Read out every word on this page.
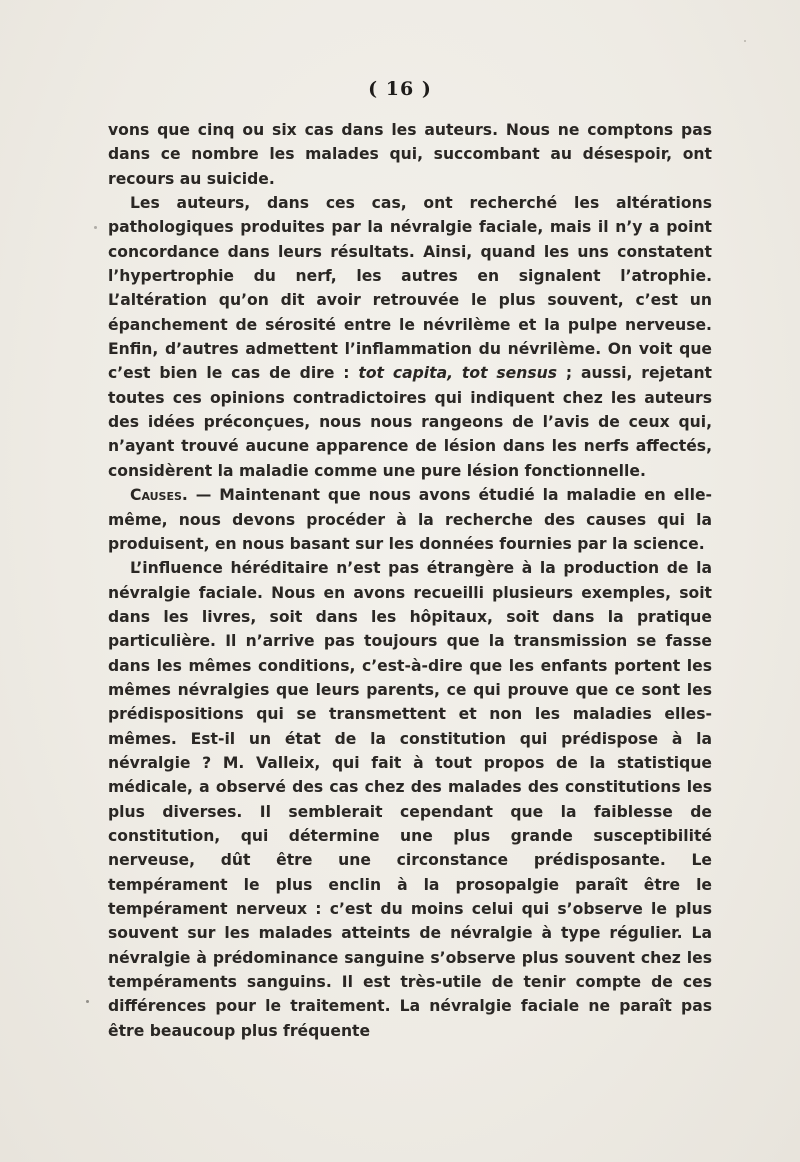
( 16 )

vons que cinq ou six cas dans les auteurs. Nous ne comptons pas dans ce nombre les malades qui, succombant au désespoir, ont recours au suicide.

Les auteurs, dans ces cas, ont recherché les altérations pathologiques produites par la névralgie faciale, mais il n’y a point concordance dans leurs résultats. Ainsi, quand les uns constatent l’hypertrophie du nerf, les autres en signalent l’atrophie. L’altération qu’on dit avoir retrouvée le plus souvent, c’est un épanchement de sérosité entre le névrilème et la pulpe nerveuse. Enfin, d’autres admettent l’inflammation du névrilème. On voit que c’est bien le cas de dire : tot capita, tot sensus ; aussi, rejetant toutes ces opinions contradictoires qui indiquent chez les auteurs des idées préconçues, nous nous rangeons de l’avis de ceux qui, n’ayant trouvé aucune apparence de lésion dans les nerfs affectés, considèrent la maladie comme une pure lésion fonctionnelle.

Causes. — Maintenant que nous avons étudié la maladie en elle-même, nous devons procéder à la recherche des causes qui la produisent, en nous basant sur les données fournies par la science.

L’influence héréditaire n’est pas étrangère à la production de la névralgie faciale. Nous en avons recueilli plusieurs exemples, soit dans les livres, soit dans les hôpitaux, soit dans la pratique particulière. Il n’arrive pas toujours que la transmission se fasse dans les mêmes conditions, c’est-à-dire que les enfants portent les mêmes névralgies que leurs parents, ce qui prouve que ce sont les prédispositions qui se transmettent et non les maladies elles-mêmes. Est-il un état de la constitution qui prédispose à la névralgie ? M. Valleix, qui fait à tout propos de la statistique médicale, a observé des cas chez des malades des constitutions les plus diverses. Il semblerait cependant que la faiblesse de constitution, qui détermine une plus grande susceptibilité nerveuse, dût être une circonstance prédisposante. Le tempérament le plus enclin à la prosopalgie paraît être le tempérament nerveux : c’est du moins celui qui s’observe le plus souvent sur les malades atteints de névralgie à type régulier. La névralgie à prédominance sanguine s’observe plus souvent chez les tempéraments sanguins. Il est très-utile de tenir compte de ces différences pour le traitement. La névralgie faciale ne paraît pas être beaucoup plus fréquente
